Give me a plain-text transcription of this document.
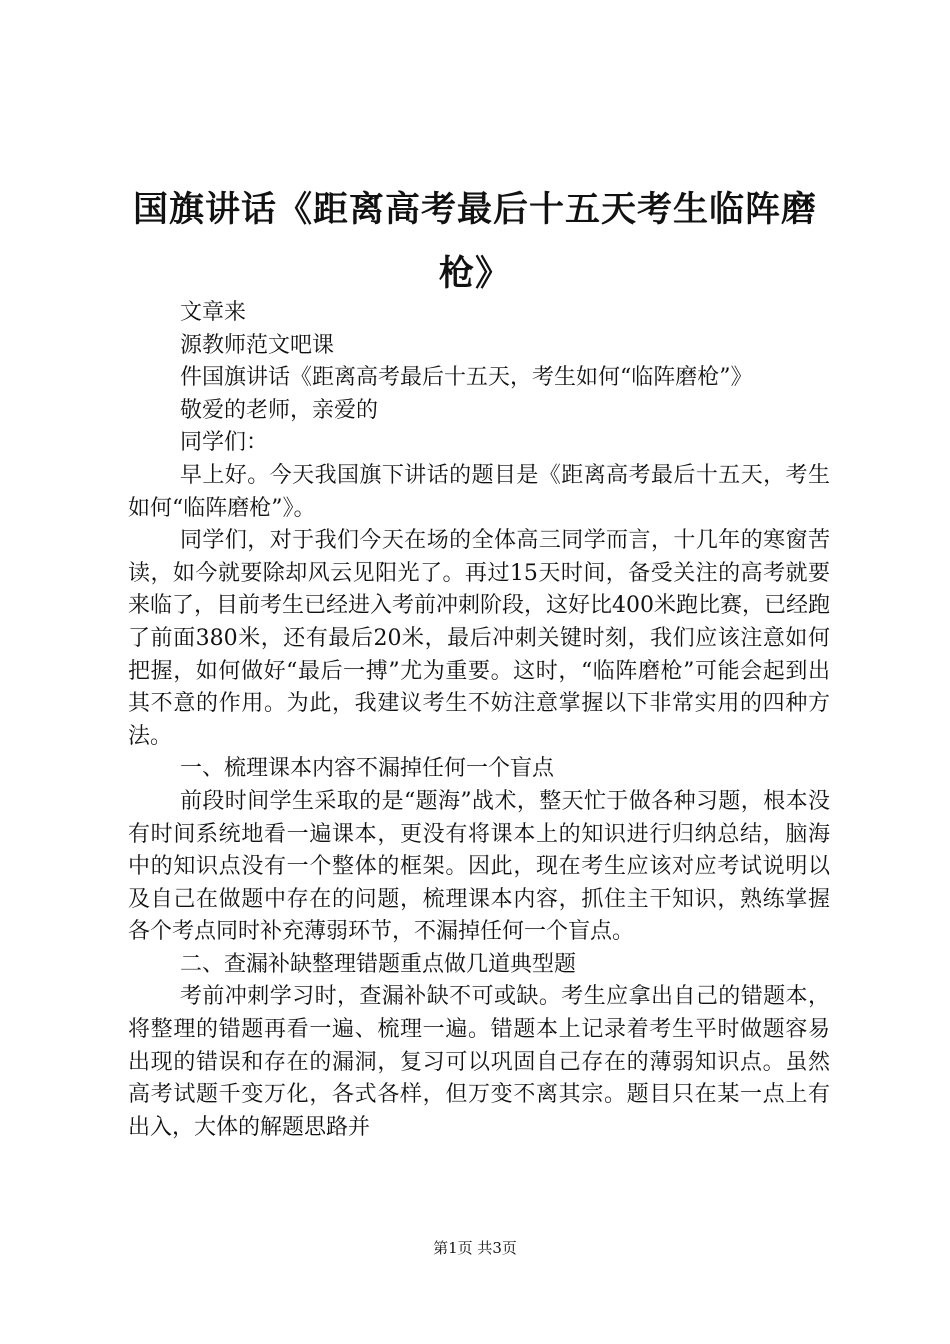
国旗讲话《距离高考最后十五天考生临阵磨枪》

文章来

源教师范文吧课

件国旗讲话《距离高考最后十五天，考生如何“临阵磨枪”》

敬爱的老师，亲爱的

同学们：

早上好。今天我国旗下讲话的题目是《距离高考最后十五天，考生如何“临阵磨枪”》。

同学们，对于我们今天在场的全体高三同学而言，十几年的寒窗苦读，如今就要除却风云见阳光了。再过15天时间，备受关注的高考就要来临了，目前考生已经进入考前冲刺阶段，这好比400米跑比赛，已经跑了前面380米，还有最后20米，最后冲刺关键时刻，我们应该注意如何把握，如何做好“最后一搏”尤为重要。这时，“临阵磨枪”可能会起到出其不意的作用。为此，我建议考生不妨注意掌握以下非常实用的四种方法。

一、梳理课本内容不漏掉任何一个盲点

前段时间学生采取的是“题海”战术，整天忙于做各种习题，根本没有时间系统地看一遍课本，更没有将课本上的知识进行归纳总结，脑海中的知识点没有一个整体的框架。因此，现在考生应该对应考试说明以及自己在做题中存在的问题，梳理课本内容，抓住主干知识，熟练掌握各个考点同时补充薄弱环节，不漏掉任何一个盲点。

二、查漏补缺整理错题重点做几道典型题

考前冲刺学习时，查漏补缺不可或缺。考生应拿出自己的错题本，将整理的错题再看一遍、梳理一遍。错题本上记录着考生平时做题容易出现的错误和存在的漏洞，复习可以巩固自己存在的薄弱知识点。虽然高考试题千变万化，各式各样，但万变不离其宗。题目只在某一点上有出入，大体的解题思路并

第1页 共3页
